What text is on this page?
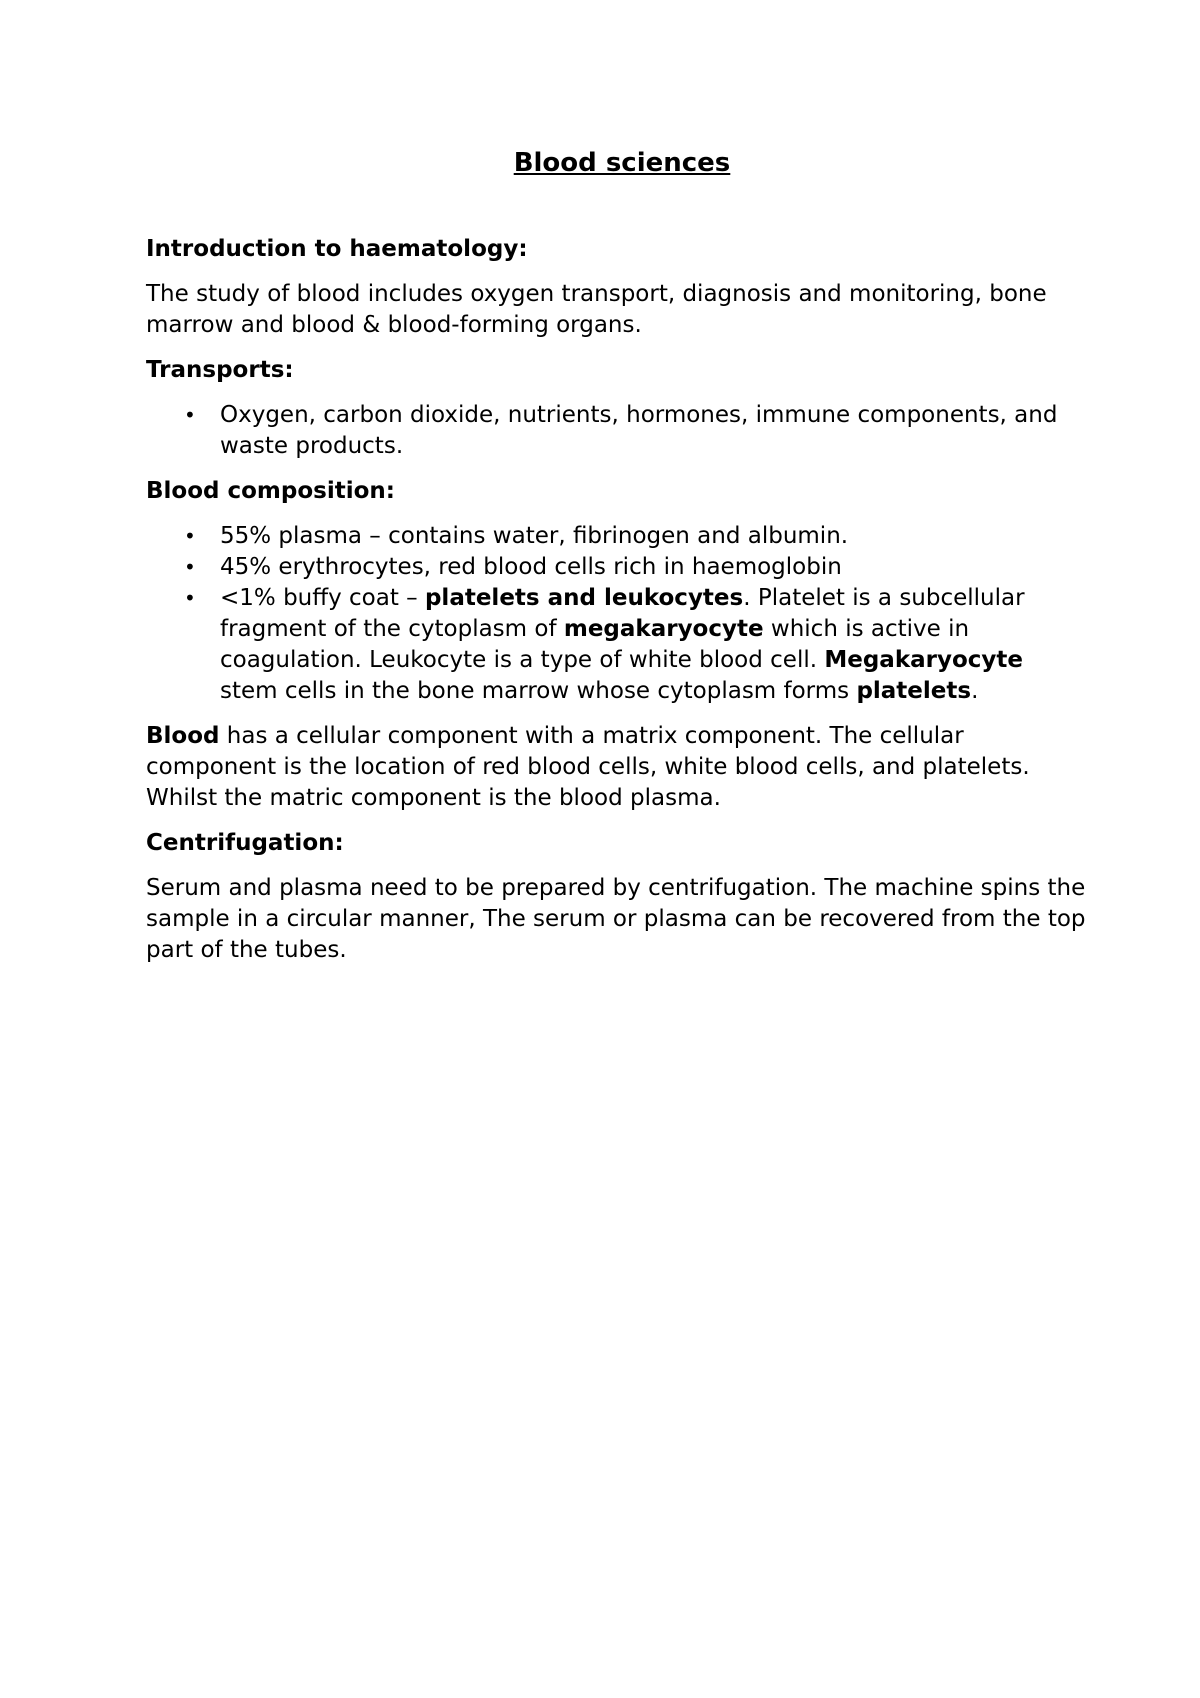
Blood sciences
Introduction to haematology:

The study of blood includes oxygen transport, diagnosis and monitoring, bone marrow and blood & blood-forming organs.

Transports:
• Oxygen, carbon dioxide, nutrients, hormones, immune components, and waste products.
Blood composition:
• 55% plasma – contains water, fibrinogen and albumin.
• 45% erythrocytes, red blood cells rich in haemoglobin
• <1% buffy coat – platelets and leukocytes. Platelet is a subcellular fragment of the cytoplasm of megakaryocyte which is active in coagulation. Leukocyte is a type of white blood cell. Megakaryocyte stem cells in the bone marrow whose cytoplasm forms platelets.

Blood has a cellular component with a matrix component. The cellular component is the location of red blood cells, white blood cells, and platelets. Whilst the matric component is the blood plasma.

Centrifugation:

Serum and plasma need to be prepared by centrifugation. The machine spins the sample in a circular manner, The serum or plasma can be recovered from the top part of the tubes.
